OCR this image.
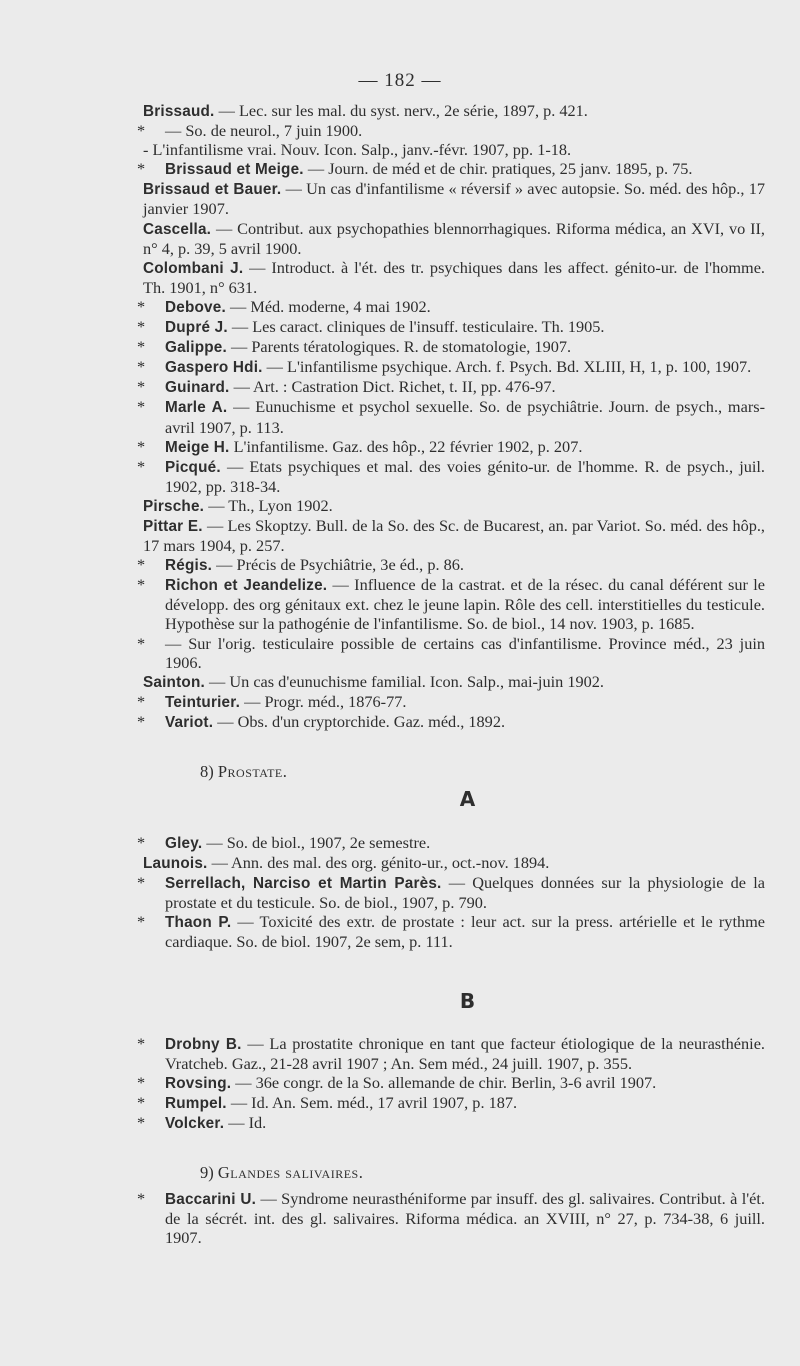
— 182 —
Brissaud. — Lec. sur les mal. du syst. nerv., 2e série, 1897, p. 421.
* — So. de neurol., 7 juin 1900.
- L'infantilisme vrai. Nouv. Icon. Salp., janv.-févr. 1907, pp. 1-18.
* Brissaud et Meige. — Journ. de méd et de chir. pratiques, 25 janv. 1895, p. 75.
Brissaud et Bauer. — Un cas d'infantilisme « réversif » avec autopsie. So. méd. des hôp., 17 janvier 1907.
Cascella. — Contribut. aux psychopathies blennorrhagiques. Riforma médica, an XVI, vo II, n° 4, p. 39, 5 avril 1900.
Colombani J. — Introduct. à l'ét. des tr. psychiques dans les affect. génito-ur. de l'homme. Th. 1901, n° 631.
* Debove. — Méd. moderne, 4 mai 1902.
* Dupré J. — Les caract. cliniques de l'insuff. testiculaire. Th. 1905.
* Galippe. — Parents tératologiques. R. de stomatologie, 1907.
* Gaspero Hdi. — L'infantilisme psychique. Arch. f. Psych. Bd. XLIII, H, 1, p. 100, 1907.
* Guinard. — Art. : Castration Dict. Richet, t. II, pp. 476-97.
* Marle A. — Eunuchisme et psychol sexuelle. So. de psychiâtrie. Journ. de psych., mars-avril 1907, p. 113.
* Meige H. L'infantilisme. Gaz. des hôp., 22 février 1902, p. 207.
* Picqué. — Etats psychiques et mal. des voies génito-ur. de l'homme. R. de psych., juil. 1902, pp. 318-34.
Pirsche. — Th., Lyon 1902.
Pittar E. — Les Skoptzy. Bull. de la So. des Sc. de Bucarest, an. par Variot. So. méd. des hôp., 17 mars 1904, p. 257.
* Régis. — Précis de Psychiâtrie, 3e éd., p. 86.
* Richon et Jeandelize. — Influence de la castrat. et de la résec. du canal déférent sur le développ. des org génitaux ext. chez le jeune lapin. Rôle des cell. interstitielles du testicule. Hypothèse sur la pathogénie de l'infantilisme. So. de biol., 14 nov. 1903, p. 1685.
* — Sur l'orig. testiculaire possible de certains cas d'infantilisme. Province méd., 23 juin 1906.
Sainton. — Un cas d'eunuchisme familial. Icon. Salp., mai-juin 1902.
* Teinturier. — Progr. méd., 1876-77.
* Variot. — Obs. d'un cryptorchide. Gaz. méd., 1892.
8) Prostate.
A
* Gley. — So. de biol., 1907, 2e semestre.
Launois. — Ann. des mal. des org. génito-ur., oct.-nov. 1894.
* Serrellach, Narciso et Martin Parès. — Quelques données sur la physiologie de la prostate et du testicule. So. de biol., 1907, p. 790.
* Thaon P. — Toxicité des extr. de prostate : leur act. sur la press. artérielle et le rythme cardiaque. So. de biol. 1907, 2e sem, p. 111.
B
* Drobny B. — La prostatite chronique en tant que facteur étiologique de la neurasthénie. Vratcheb. Gaz., 21-28 avril 1907 ; An. Sem méd., 24 juill. 1907, p. 355.
* Rovsing. — 36e congr. de la So. allemande de chir. Berlin, 3-6 avril 1907.
* Rumpel. — Id. An. Sem. méd., 17 avril 1907, p. 187.
* Volcker. — Id.
9) Glandes salivaires.
* Baccarini U. — Syndrome neurasthéniforme par insuff. des gl. salivaires. Contribut. à l'ét. de la sécrét. int. des gl. salivaires. Riforma médica. an XVIII, n° 27, p. 734-38, 6 juill. 1907.
